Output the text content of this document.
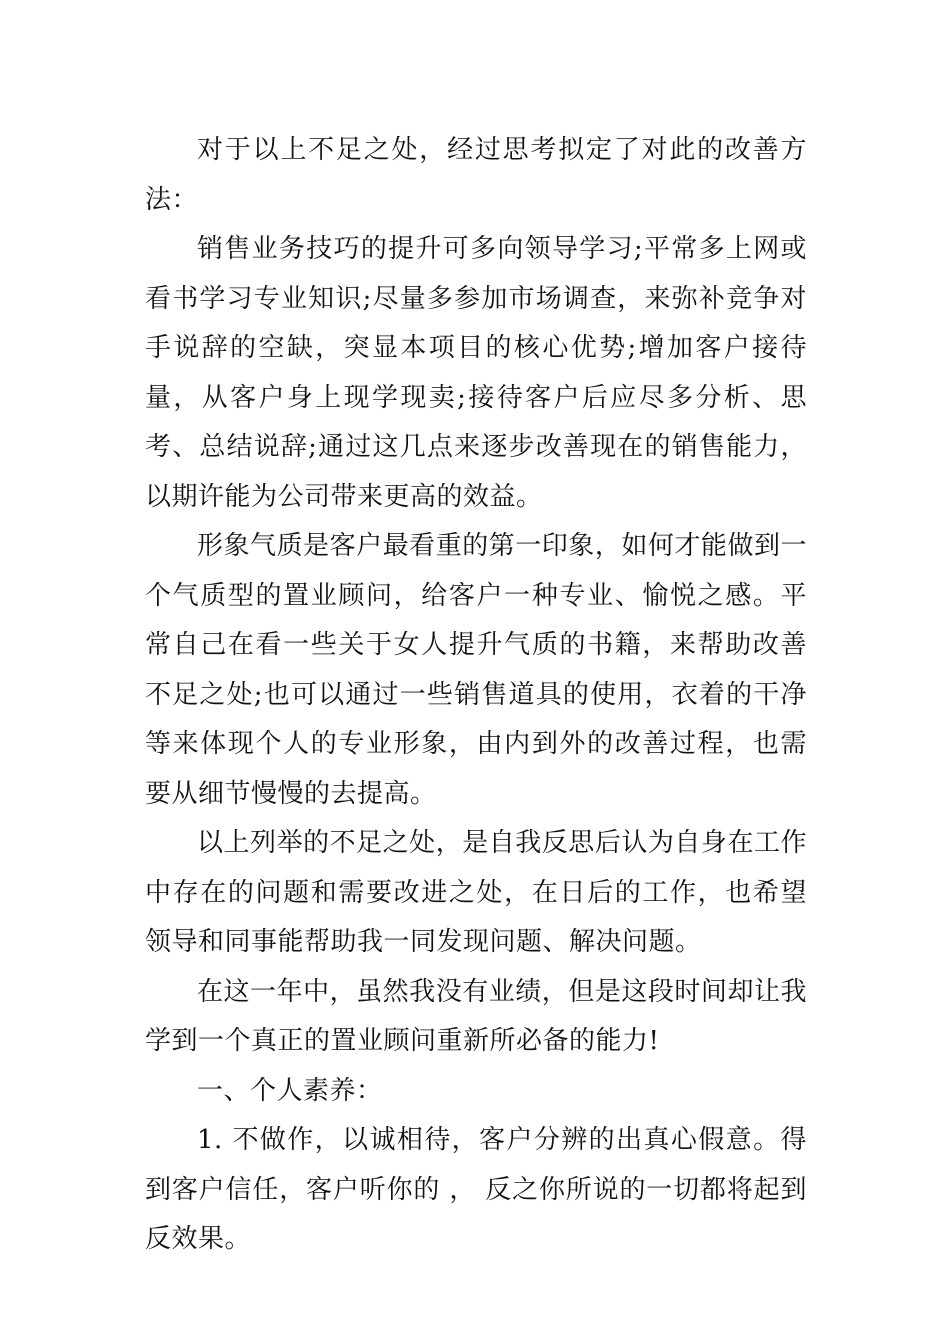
对于以上不足之处，经过思考拟定了对此的改善方法：

销售业务技巧的提升可多向领导学习;平常多上网或看书学习专业知识;尽量多参加市场调查，来弥补竞争对手说辞的空缺，突显本项目的核心优势;增加客户接待量，从客户身上现学现卖;接待客户后应尽多分析、思考、总结说辞;通过这几点来逐步改善现在的销售能力，以期许能为公司带来更高的效益。

形象气质是客户最看重的第一印象，如何才能做到一个气质型的置业顾问，给客户一种专业、愉悦之感。平常自己在看一些关于女人提升气质的书籍，来帮助改善不足之处;也可以通过一些销售道具的使用，衣着的干净等来体现个人的专业形象，由内到外的改善过程，也需要从细节慢慢的去提高。

以上列举的不足之处，是自我反思后认为自身在工作中存在的问题和需要改进之处，在日后的工作，也希望领导和同事能帮助我一同发现问题、解决问题。

在这一年中，虽然我没有业绩，但是这段时间却让我学到一个真正的置业顾问重新所必备的能力!

一、个人素养：

1. 不做作，以诚相待，客户分辨的出真心假意。得到客户信任，客户听你的 ， 反之你所说的一切都将起到反效果。
